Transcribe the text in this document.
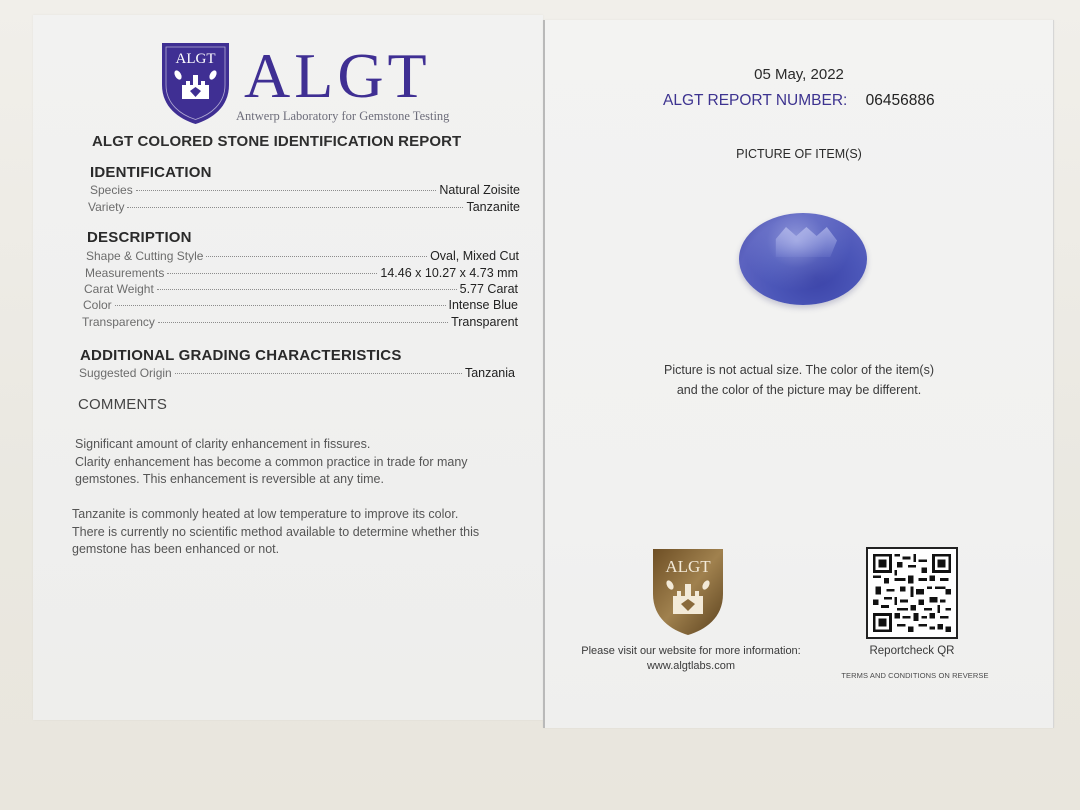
ALGT ALGT
Antwerp Laboratory for Gemstone Testing
ALGT COLORED STONE IDENTIFICATION REPORT
IDENTIFICATION
Species	Natural Zoisite
Variety	Tanzanite
DESCRIPTION
Shape & Cutting Style	Oval, Mixed Cut
Measurements	14.46 x 10.27 x 4.73 mm
Carat Weight	5.77 Carat
Color	Intense Blue
Transparency	Transparent
ADDITIONAL GRADING CHARACTERISTICS
Suggested Origin	Tanzania
COMMENTS

Significant amount of clarity enhancement in fissures.

Clarity enhancement has become a common practice in trade for many

gemstones. This enhancement is reversible at any time.

Tanzanite is commonly heated at low temperature to improve its color.

There is currently no scientific method available to determine whether this

gemstone has been enhanced or not.

05 May, 2022
ALGT REPORT NUMBER: 06456886
PICTURE OF ITEM(S)
Picture is not actual size. The color of the item(s)
and the color of the picture may be different.
ALGT
Please visit our website for more information:
www.algtlabs.com
Reportcheck QR
TERMS AND CONDITIONS ON REVERSE
